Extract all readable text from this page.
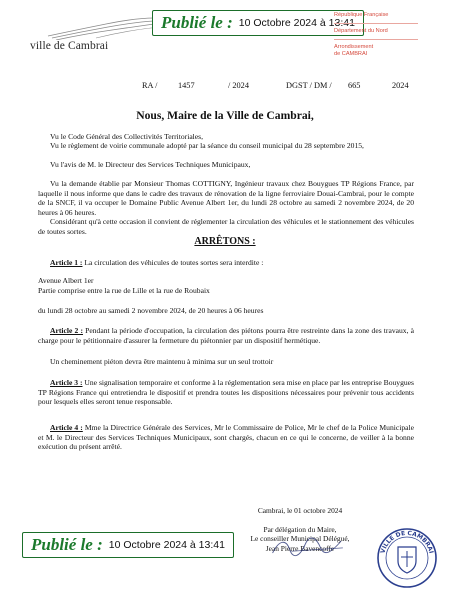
ville de Cambrai
Publié le : 10 Octobre 2024 à 13:41
République Française
Département du Nord
Arrondissement
de CAMBRAI
RA / 1457	/ 2024	DGST / DM / 665	2024
Nous, Maire de la Ville de Cambrai,
Vu le Code Général des Collectivités Territoriales,
Vu le règlement de voirie communale adopté par la séance du conseil municipal du 28 septembre 2015,
Vu l'avis de M. le Directeur des Services Techniques Municipaux,
Vu la demande établie par Monsieur Thomas COTTIGNY, Ingénieur travaux chez Bouygues TP Régions France, par laquelle il nous informe que dans le cadre des travaux de rénovation de la ligne ferroviaire Douai-Cambrai, pour le compte de la SNCF, il va occuper le Domaine Public Avenue Albert 1er, du lundi 28 octobre au samedi 2 novembre 2024, de 20 heures à 06 heures.
Considérant qu'à cette occasion il convient de réglementer la circulation des véhicules et le stationnement des véhicules de toutes sortes.
ARRÊTONS :
Article 1 : La circulation des véhicules de toutes sortes sera interdite :
Avenue Albert 1er
Partie comprise entre la rue de Lille et la rue de Roubaix
du lundi 28 octobre au samedi 2 novembre 2024, de 20 heures à 06 heures
Article 2 : Pendant la période d'occupation, la circulation des piétons pourra être restreinte dans la zone des travaux, à charge pour le pétitionnaire d'assurer la fermeture du piétonnier par un dispositif hermétique.
Un cheminement piéton devra être maintenu à minima sur un seul trottoir
Article 3 : Une signalisation temporaire et conforme à la réglementation sera mise en place par les entreprise Bouygues TP Régions France qui entretiendra le dispositif et prendra toutes les dispositions nécessaires pour prévenir tous accidents pour lesquels elles seront tenue responsable.
Article 4 : Mme la Directrice Générale des Services, Mr le Commissaire de Police, Mr le chef de la Police Municipale et M. le Directeur des Services Techniques Municipaux, sont chargés, chacun en ce qui le concerne, de veiller à la bonne exécution du présent arrêté.
Cambrai, le 01 octobre 2024
Par délégation du Maire,
Le conseiller Municipal Délégué,
Jean Pierre Bavencoffe	VILLE DE CAMBRAI
Publié le : 10 Octobre 2024 à 13:41
